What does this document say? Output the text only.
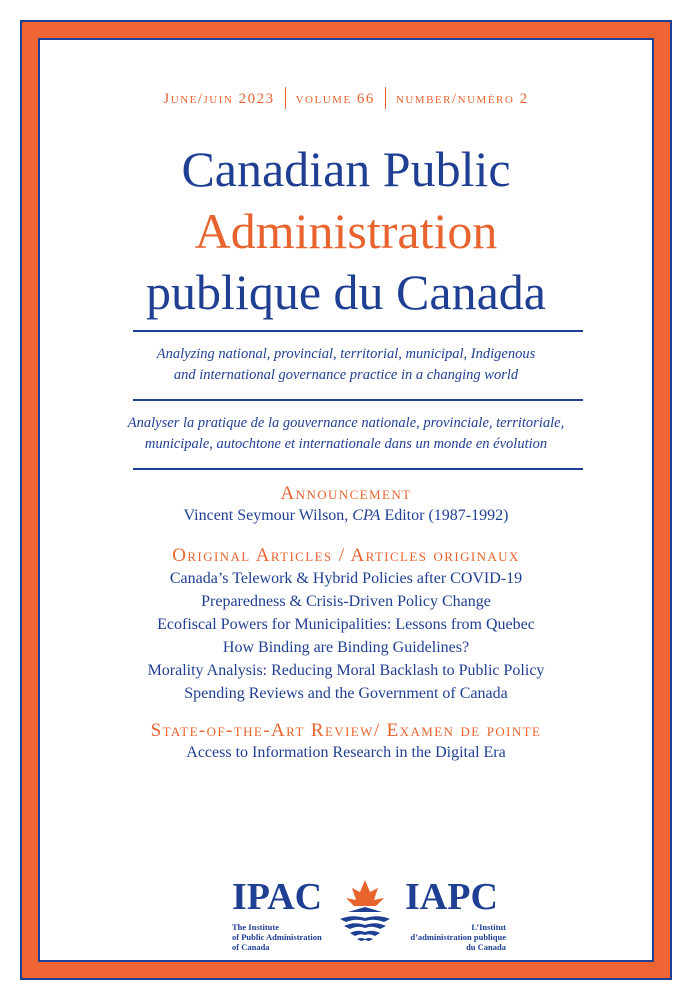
June/juin 2023 volume 66 number/numéro 2
Canadian Public
Administration
publique du Canada
Analyzing national, provincial, territorial, municipal, Indigenous
and international governance practice in a changing world
Analyser la pratique de la gouvernance nationale, provinciale, territoriale,
municipale, autochtone et internationale dans un monde en évolution
Announcement
Vincent Seymour Wilson, CPA Editor (1987-1992)
Original Articles / Articles originaux
Canada’s Telework & Hybrid Policies after COVID-19
Preparedness & Crisis-Driven Policy Change
Ecofiscal Powers for Municipalities: Lessons from Quebec
How Binding are Binding Guidelines?
Morality Analysis: Reducing Moral Backlash to Public Policy
Spending Reviews and the Government of Canada
State-of-the-Art Review/ Examen de pointe
Access to Information Research in the Digital Era
IPAC
The Institute
of Public Administration
of Canada
IAPC
L’Institut
d’administration publique
du Canada
